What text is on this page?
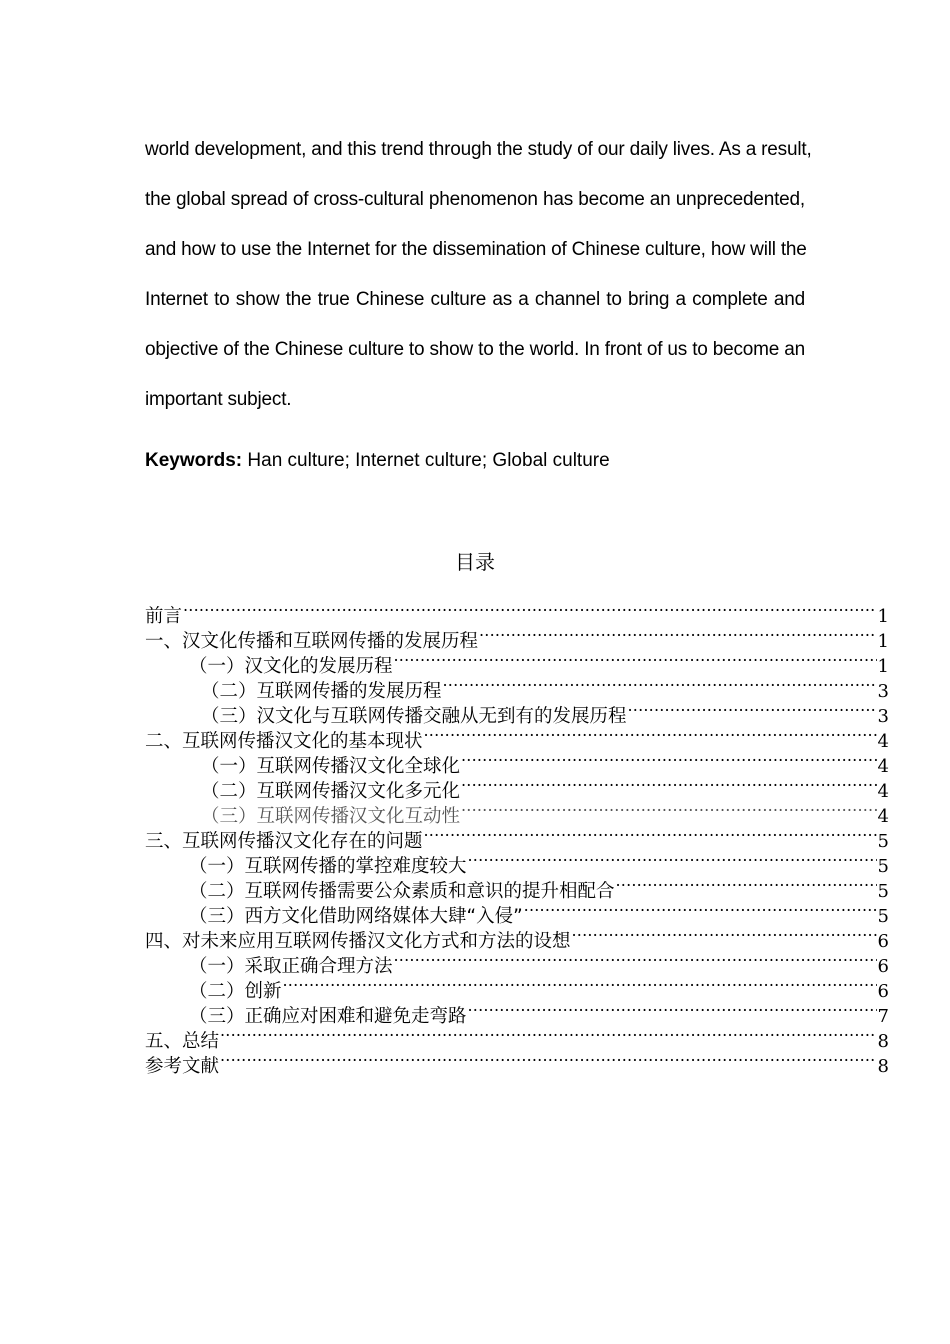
world development, and this trend through the study of our daily lives. As a result,
the global spread of cross-cultural phenomenon has become an unprecedented,
and how to use the Internet for the dissemination of Chinese culture, how will the
Internet to show the true Chinese culture as a channel to bring a complete and
objective of the Chinese culture to show to the world. In front of us to become an
important subject.
Keywords: Han culture; Internet culture; Global culture
目录
前言 .....	1
一、汉文化传播和互联网传播的发展历程 .....	1
（一）汉文化的发展历程 .....	1
（二）互联网传播的发展历程 .....	3
（三）汉文化与互联网传播交融从无到有的发展历程 .....	3
二、互联网传播汉文化的基本现状 .....	4
（一）互联网传播汉文化全球化 .....	4
（二）互联网传播汉文化多元化 .....	4
（三）互联网传播汉文化互动性 .....	4
三、互联网传播汉文化存在的问题 .....	5
（一）互联网传播的掌控难度较大 .....	5
（二）互联网传播需要公众素质和意识的提升相配合 .....	5
（三）西方文化借助网络媒体大肆“入侵” .....	5
四、对未来应用互联网传播汉文化方式和方法的设想 .....	6
（一）采取正确合理方法 .....	6
（二）创新 .....	6
（三）正确应对困难和避免走弯路 .....	7
五、总结 .....	8
参考文献 .....	8
